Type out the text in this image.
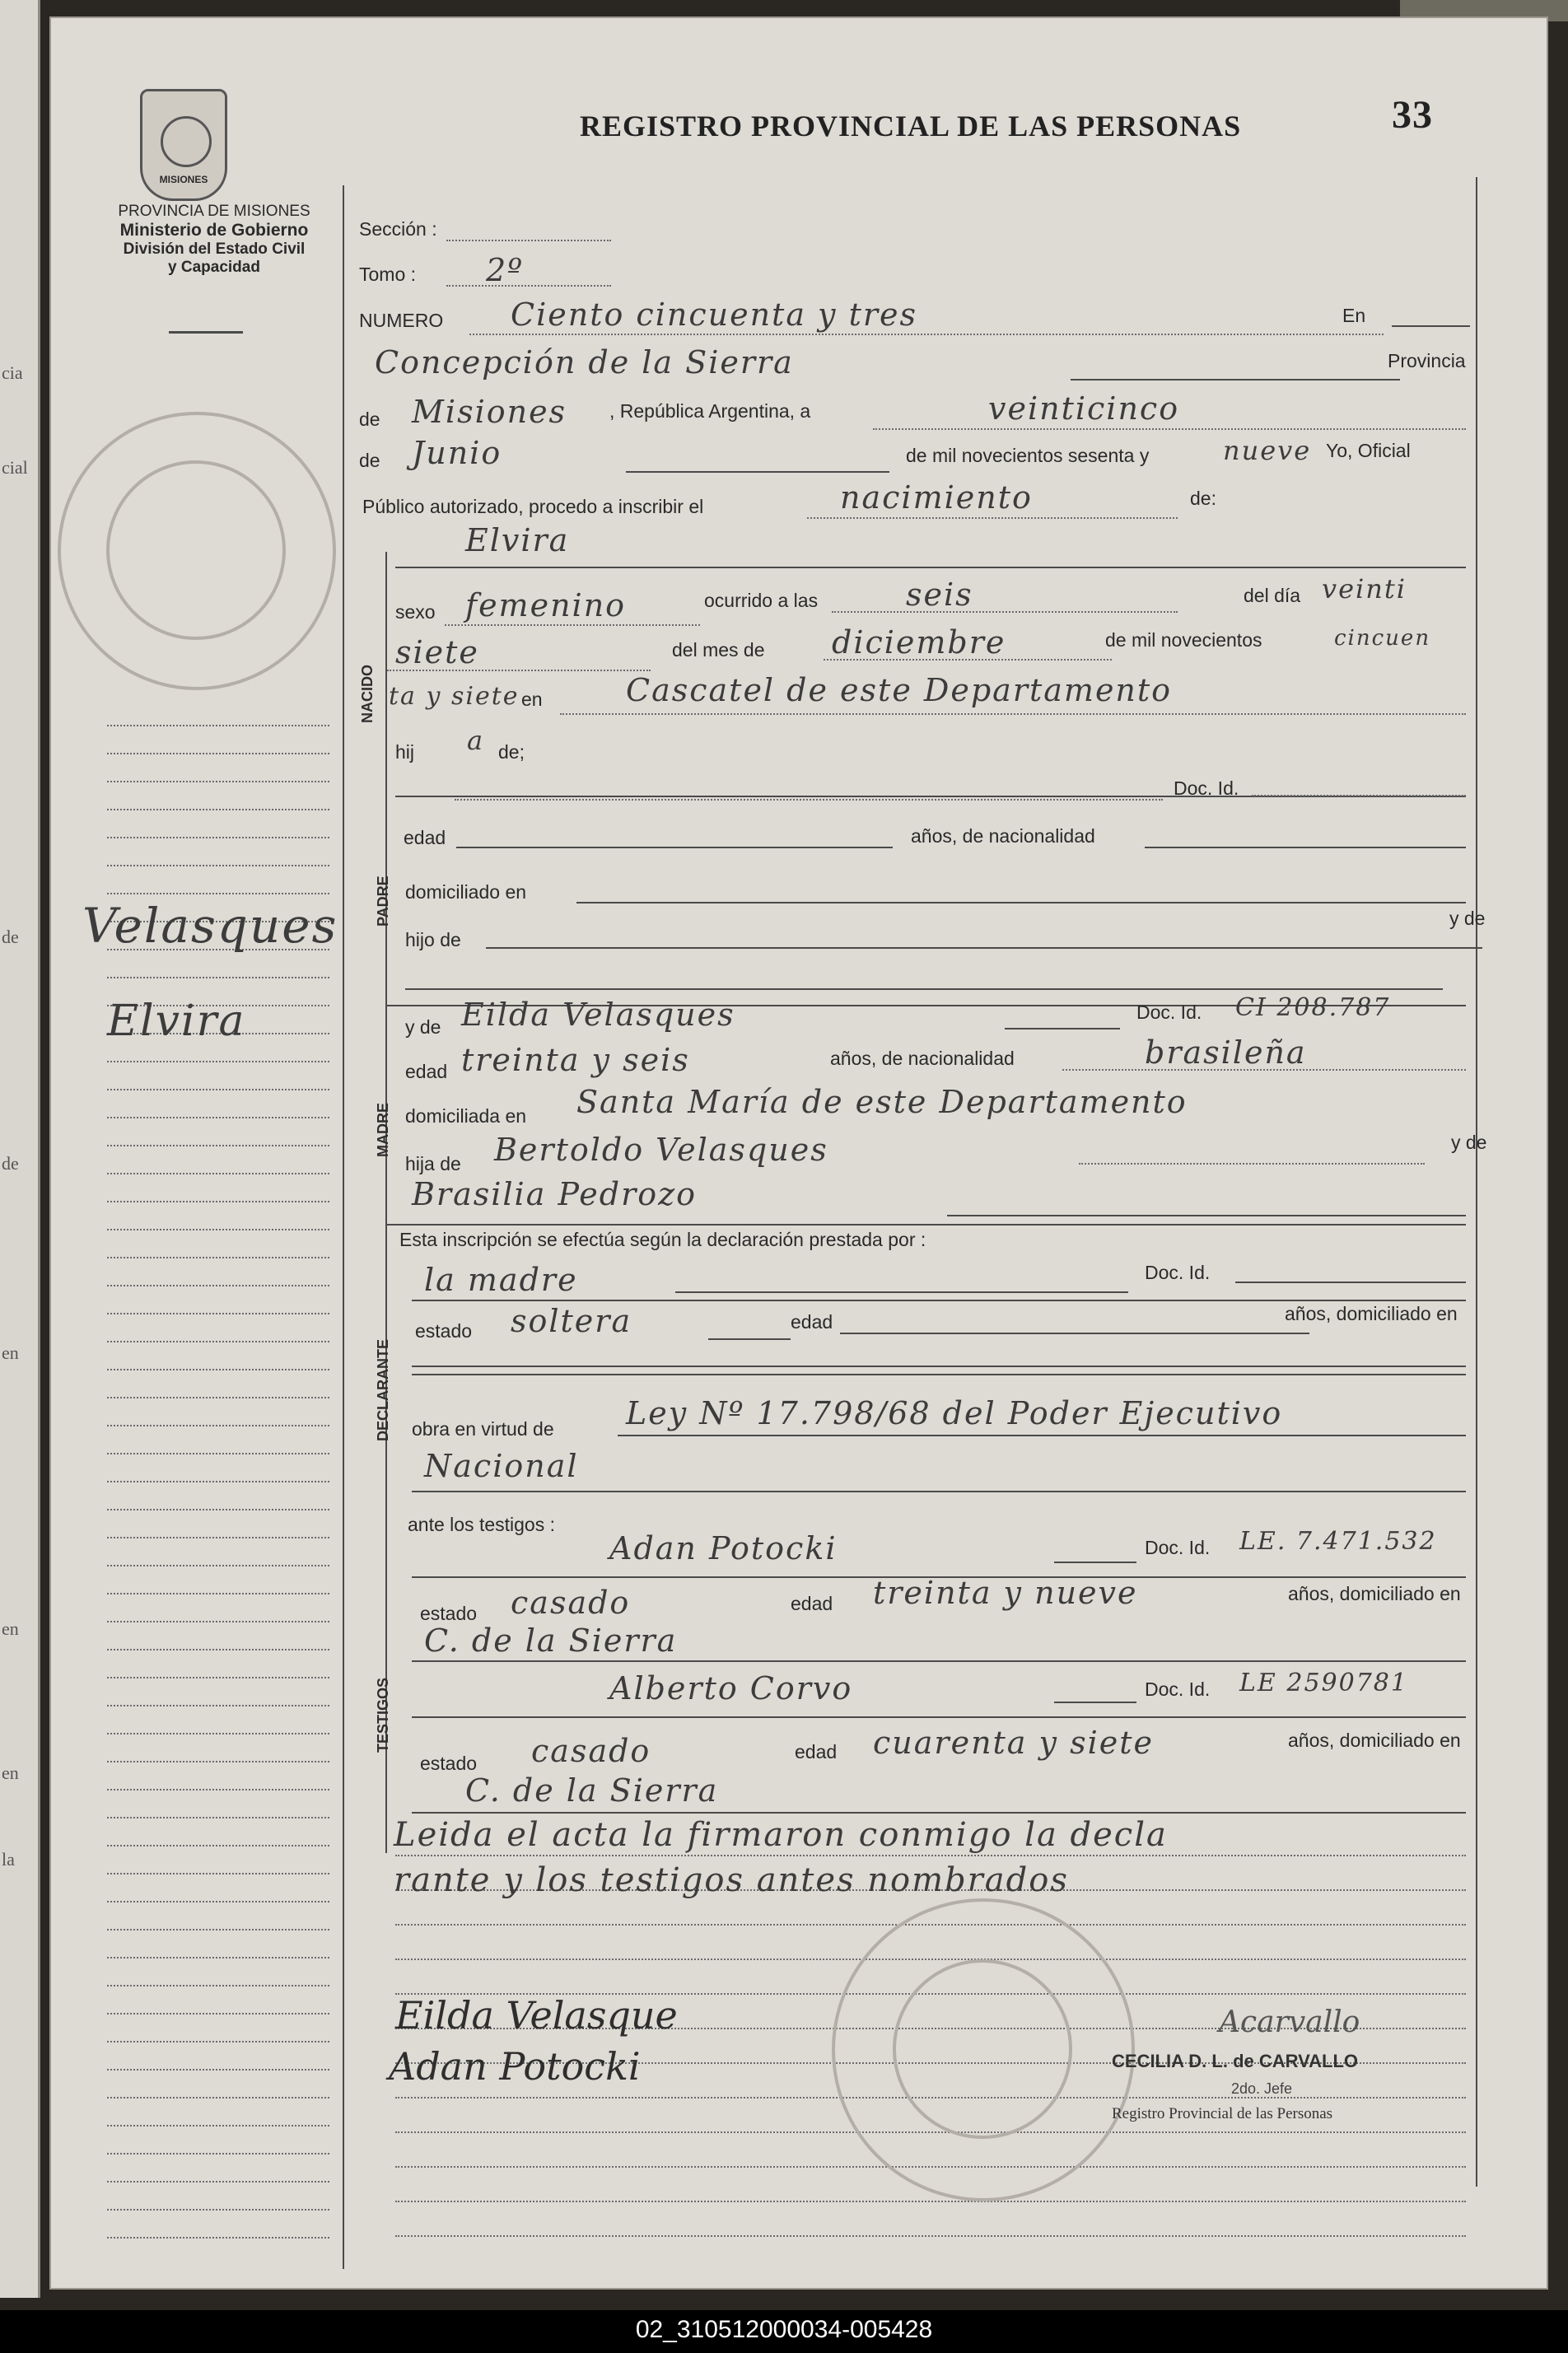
cia
cial
de
de
en
en
en
la
MISIONES
REGISTRO PROVINCIAL DE LAS PERSONAS	33
PROVINCIA DE MISIONES
Ministerio de Gobierno
División del Estado Civil
y Capacidad
Velasques
Elvira
Sección :
Tomo : 2º
NUMERO Ciento cincuenta y tres	En
Concepción de la Sierra	Provincia
de Misiones , República Argentina, a	veinticinco
de Junio	de mil novecientos sesenta y	nueve Yo, Oficial
Público autorizado, procedo a inscribir el	nacimiento	de:
Elvira
NACIDO
sexo femenino	ocurrido a las	seis	del día veinti
siete	del mes de diciembre	de mil novecientos	cincuen
ta y siete en	Cascatel de este Departamento
hij a de;
Doc. Id.
PADRE
edad	años, de nacionalidad
domiciliado en
hijo de
y de
MADRE
y de Eilda Velasques	Doc. Id. CI 208.787
edad treinta y seis	años, de nacionalidad	brasileña
domiciliada en Santa María de este Departamento
hija de Bertoldo Velasques	y de
Brasilia Pedrozo
Esta inscripción se efectúa según la declaración prestada por :
DECLARANTE
la madre	Doc. Id.
estado soltera	edad	años, domiciliado en
obra en virtud de Ley Nº 17.798/68 del Poder Ejecutivo
Nacional
ante los testigos :
TESTIGOS
Adan Potocki	Doc. Id. LE. 7.471.532
estado casado	edad treinta y nueve	años, domiciliado en
C. de la Sierra
Alberto Corvo	Doc. Id. LE 2590781
estado casado	edad cuarenta y siete	años, domiciliado en
C. de la Sierra
Leida el acta la firmaron conmigo la decla
rante y los testigos antes nombrados
Eilda Velasque
Adan Potocki
Acarvallo
CECILIA D. L. de CARVALLO
2do. Jefe
Registro Provincial de las Personas
02_310512000034-005428
